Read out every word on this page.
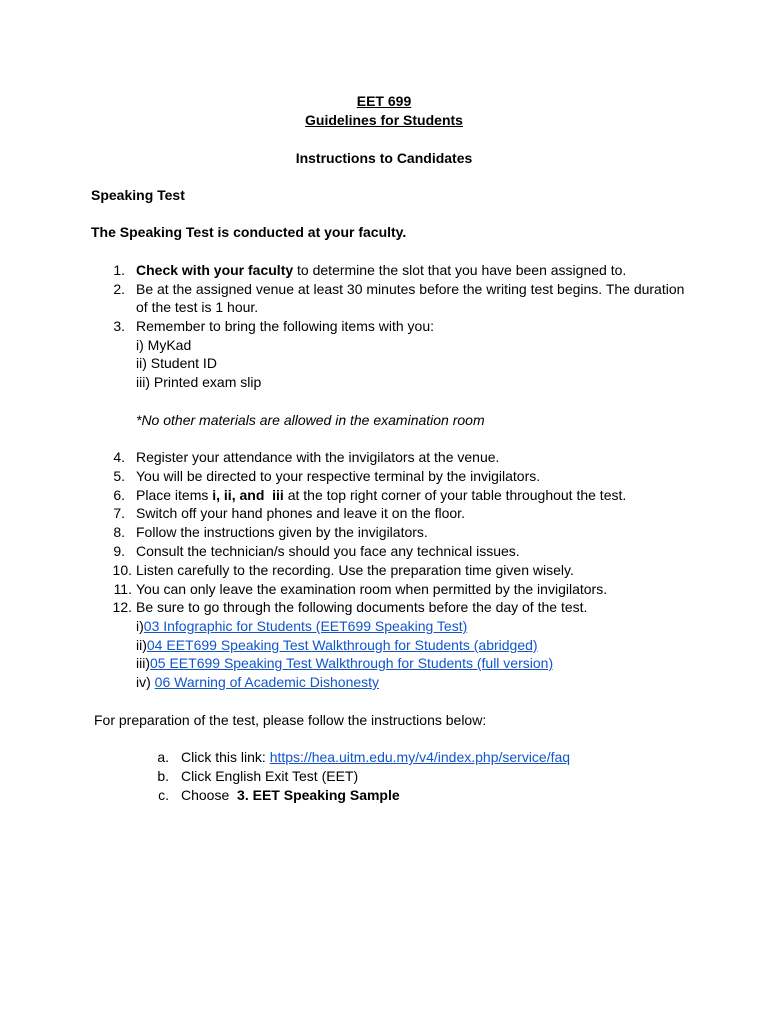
EET 699
Guidelines for Students
Instructions to Candidates
Speaking Test
The Speaking Test is conducted at your faculty.
1. Check with your faculty to determine the slot that you have been assigned to.
2. Be at the assigned venue at least 30 minutes before the writing test begins. The duration
of the test is 1 hour.
3. Remember to bring the following items with you:
i) MyKad
ii) Student ID
iii) Printed exam slip
*No other materials are allowed in the examination room
4. Register your attendance with the invigilators at the venue.
5. You will be directed to your respective terminal by the invigilators.
6. Place items i, ii, and  iii at the top right corner of your table throughout the test.
7. Switch off your hand phones and leave it on the floor.
8. Follow the instructions given by the invigilators.
9. Consult the technician/s should you face any technical issues.
10. Listen carefully to the recording. Use the preparation time given wisely.
11. You can only leave the examination room when permitted by the invigilators.
12. Be sure to go through the following documents before the day of the test.
i)03 Infographic for Students (EET699 Speaking Test)
ii)04 EET699 Speaking Test Walkthrough for Students (abridged)
iii)05 EET699 Speaking Test Walkthrough for Students (full version)
iv) 06 Warning of Academic Dishonesty
For preparation of the test, please follow the instructions below:
a. Click this link: https://hea.uitm.edu.my/v4/index.php/service/faq
b. Click English Exit Test (EET)
c. Choose  3. EET Speaking Sample
